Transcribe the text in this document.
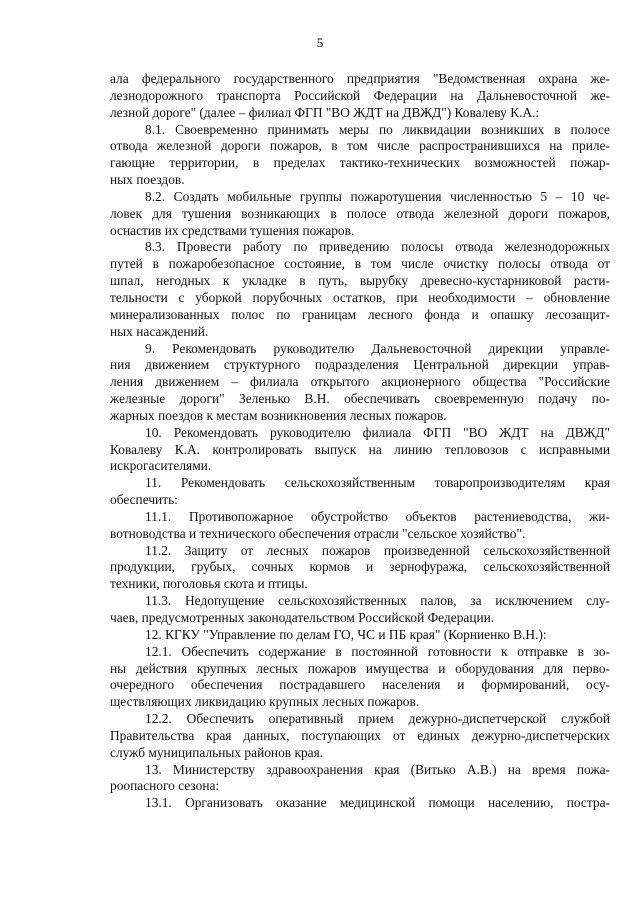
5
ала федерального государственного предприятия "Ведомственная охрана же-
лезнодорожного транспорта Российской Федерации на Дальневосточной же-
лезной дороге" (далее – филиал ФГП "ВО ЖДТ на ДВЖД") Ковалеву К.А.:
8.1. Своевременно принимать меры по ликвидации возникших в полосе
отвода железной дороги пожаров, в том числе распространившихся на приле-
гающие территории, в пределах тактико-технических возможностей пожар-
ных поездов.
8.2. Создать мобильные группы пожаротушения численностью 5 – 10 че-
ловек для тушения возникающих в полосе отвода железной дороги пожаров,
оснастив их средствами тушения пожаров.
8.3. Провести работу по приведению полосы отвода железнодорожных
путей в пожаробезопасное состояние, в том числе очистку полосы отвода от
шпал, негодных к укладке в путь, вырубку древесно-кустарниковой расти-
тельности с уборкой порубочных остатков, при необходимости – обновление
минерализованных полос по границам лесного фонда и опашку лесозащит-
ных насаждений.
9. Рекомендовать руководителю Дальневосточной дирекции управле-
ния движением структурного подразделения Центральной дирекции управ-
ления движением – филиала открытого акционерного общества "Российские
железные дороги" Зеленько В.Н. обеспечивать своевременную подачу по-
жарных поездов к местам возникновения лесных пожаров.
10. Рекомендовать руководителю филиала ФГП "ВО ЖДТ на ДВЖД"
Ковалеву К.А. контролировать выпуск на линию тепловозов с исправными
искрогасителями.
11. Рекомендовать сельскохозяйственным товаропроизводителям края
обеспечить:
11.1. Противопожарное обустройство объектов растениеводства, жи-
вотноводства и технического обеспечения отрасли "сельское хозяйство".
11.2. Защиту от лесных пожаров произведенной сельскохозяйственной
продукции, грубых, сочных кормов и зернофуража, сельскохозяйственной
техники, поголовья скота и птицы.
11.3. Недопущение сельскохозяйственных палов, за исключением слу-
чаев, предусмотренных законодательством Российской Федерации.
12. КГКУ "Управление по делам ГО, ЧС и ПБ края" (Корниенко В.Н.):
12.1. Обеспечить содержание в постоянной готовности к отправке в зо-
ны действия крупных лесных пожаров имущества и оборудования для перво-
очередного обеспечения пострадавшего населения и формирований, осу-
ществляющих ликвидацию крупных лесных пожаров.
12.2. Обеспечить оперативный прием дежурно-диспетчерской службой
Правительства края данных, поступающих от единых дежурно-диспетчерских
служб муниципальных районов края.
13. Министерству здравоохранения края (Витько А.В.) на время пожа-
роопасного сезона:
13.1. Организовать оказание медицинской помощи населению, постра-
